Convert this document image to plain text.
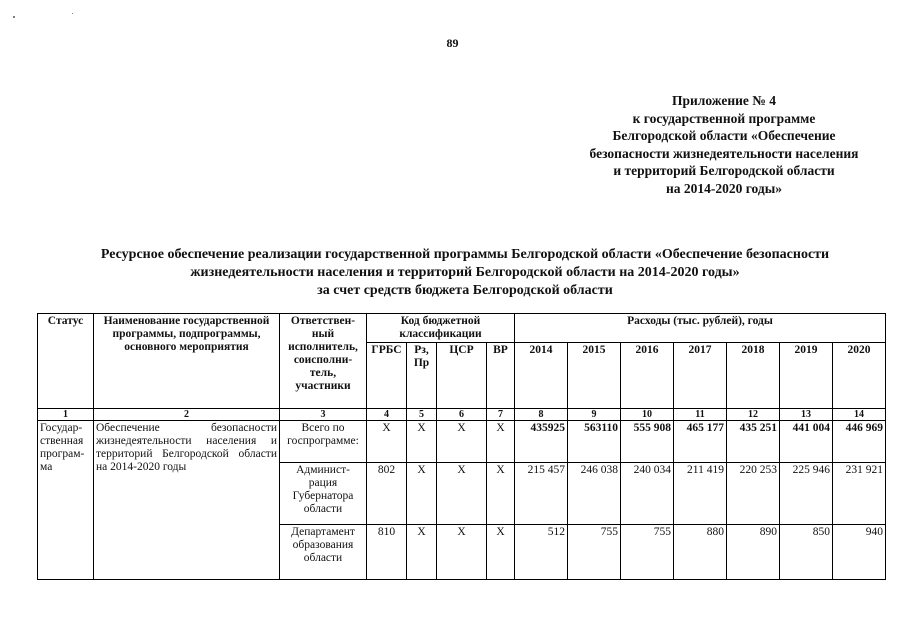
89
Приложение № 4
к государственной программе
Белгородской области «Обеспечение
безопасности жизнедеятельности населения
и территорий Белгородской области
на 2014-2020 годы»
Ресурсное обеспечение реализации государственной программы Белгородской области «Обеспечение безопасности
жизнедеятельности населения и территорий Белгородской области на 2014-2020 годы»
за счет средств бюджета Белгородской области
Статус	Наименование государственной программы, подпрограммы, основного мероприятия	Ответствен-ный исполнитель, соисполни-тель, участники	Код бюджетной классификации				Расходы (тыс. рублей), годы						
			ГРБС	Рз, Пр	ЦСР	ВР	2014	2015	2016	2017	2018	2019	2020
1	2	3	4	5	6	7	8	9	10	11	12	13	14
Государ-ственная програм-ма	Обеспечение безопасности жизнедеятельности населения и территорий Белгородской области на 2014-2020 годы	Всего по госпрограмме:	Х	Х	Х	Х	435925	563110	555 908	465 177	435 251	441 004	446 969
		Админист-рация Губернатора области	802	Х	Х	Х	215 457	246 038	240 034	211 419	220 253	225 946	231 921
		Департамент образования области	810	Х	Х	Х	512	755	755	880	890	850	940
